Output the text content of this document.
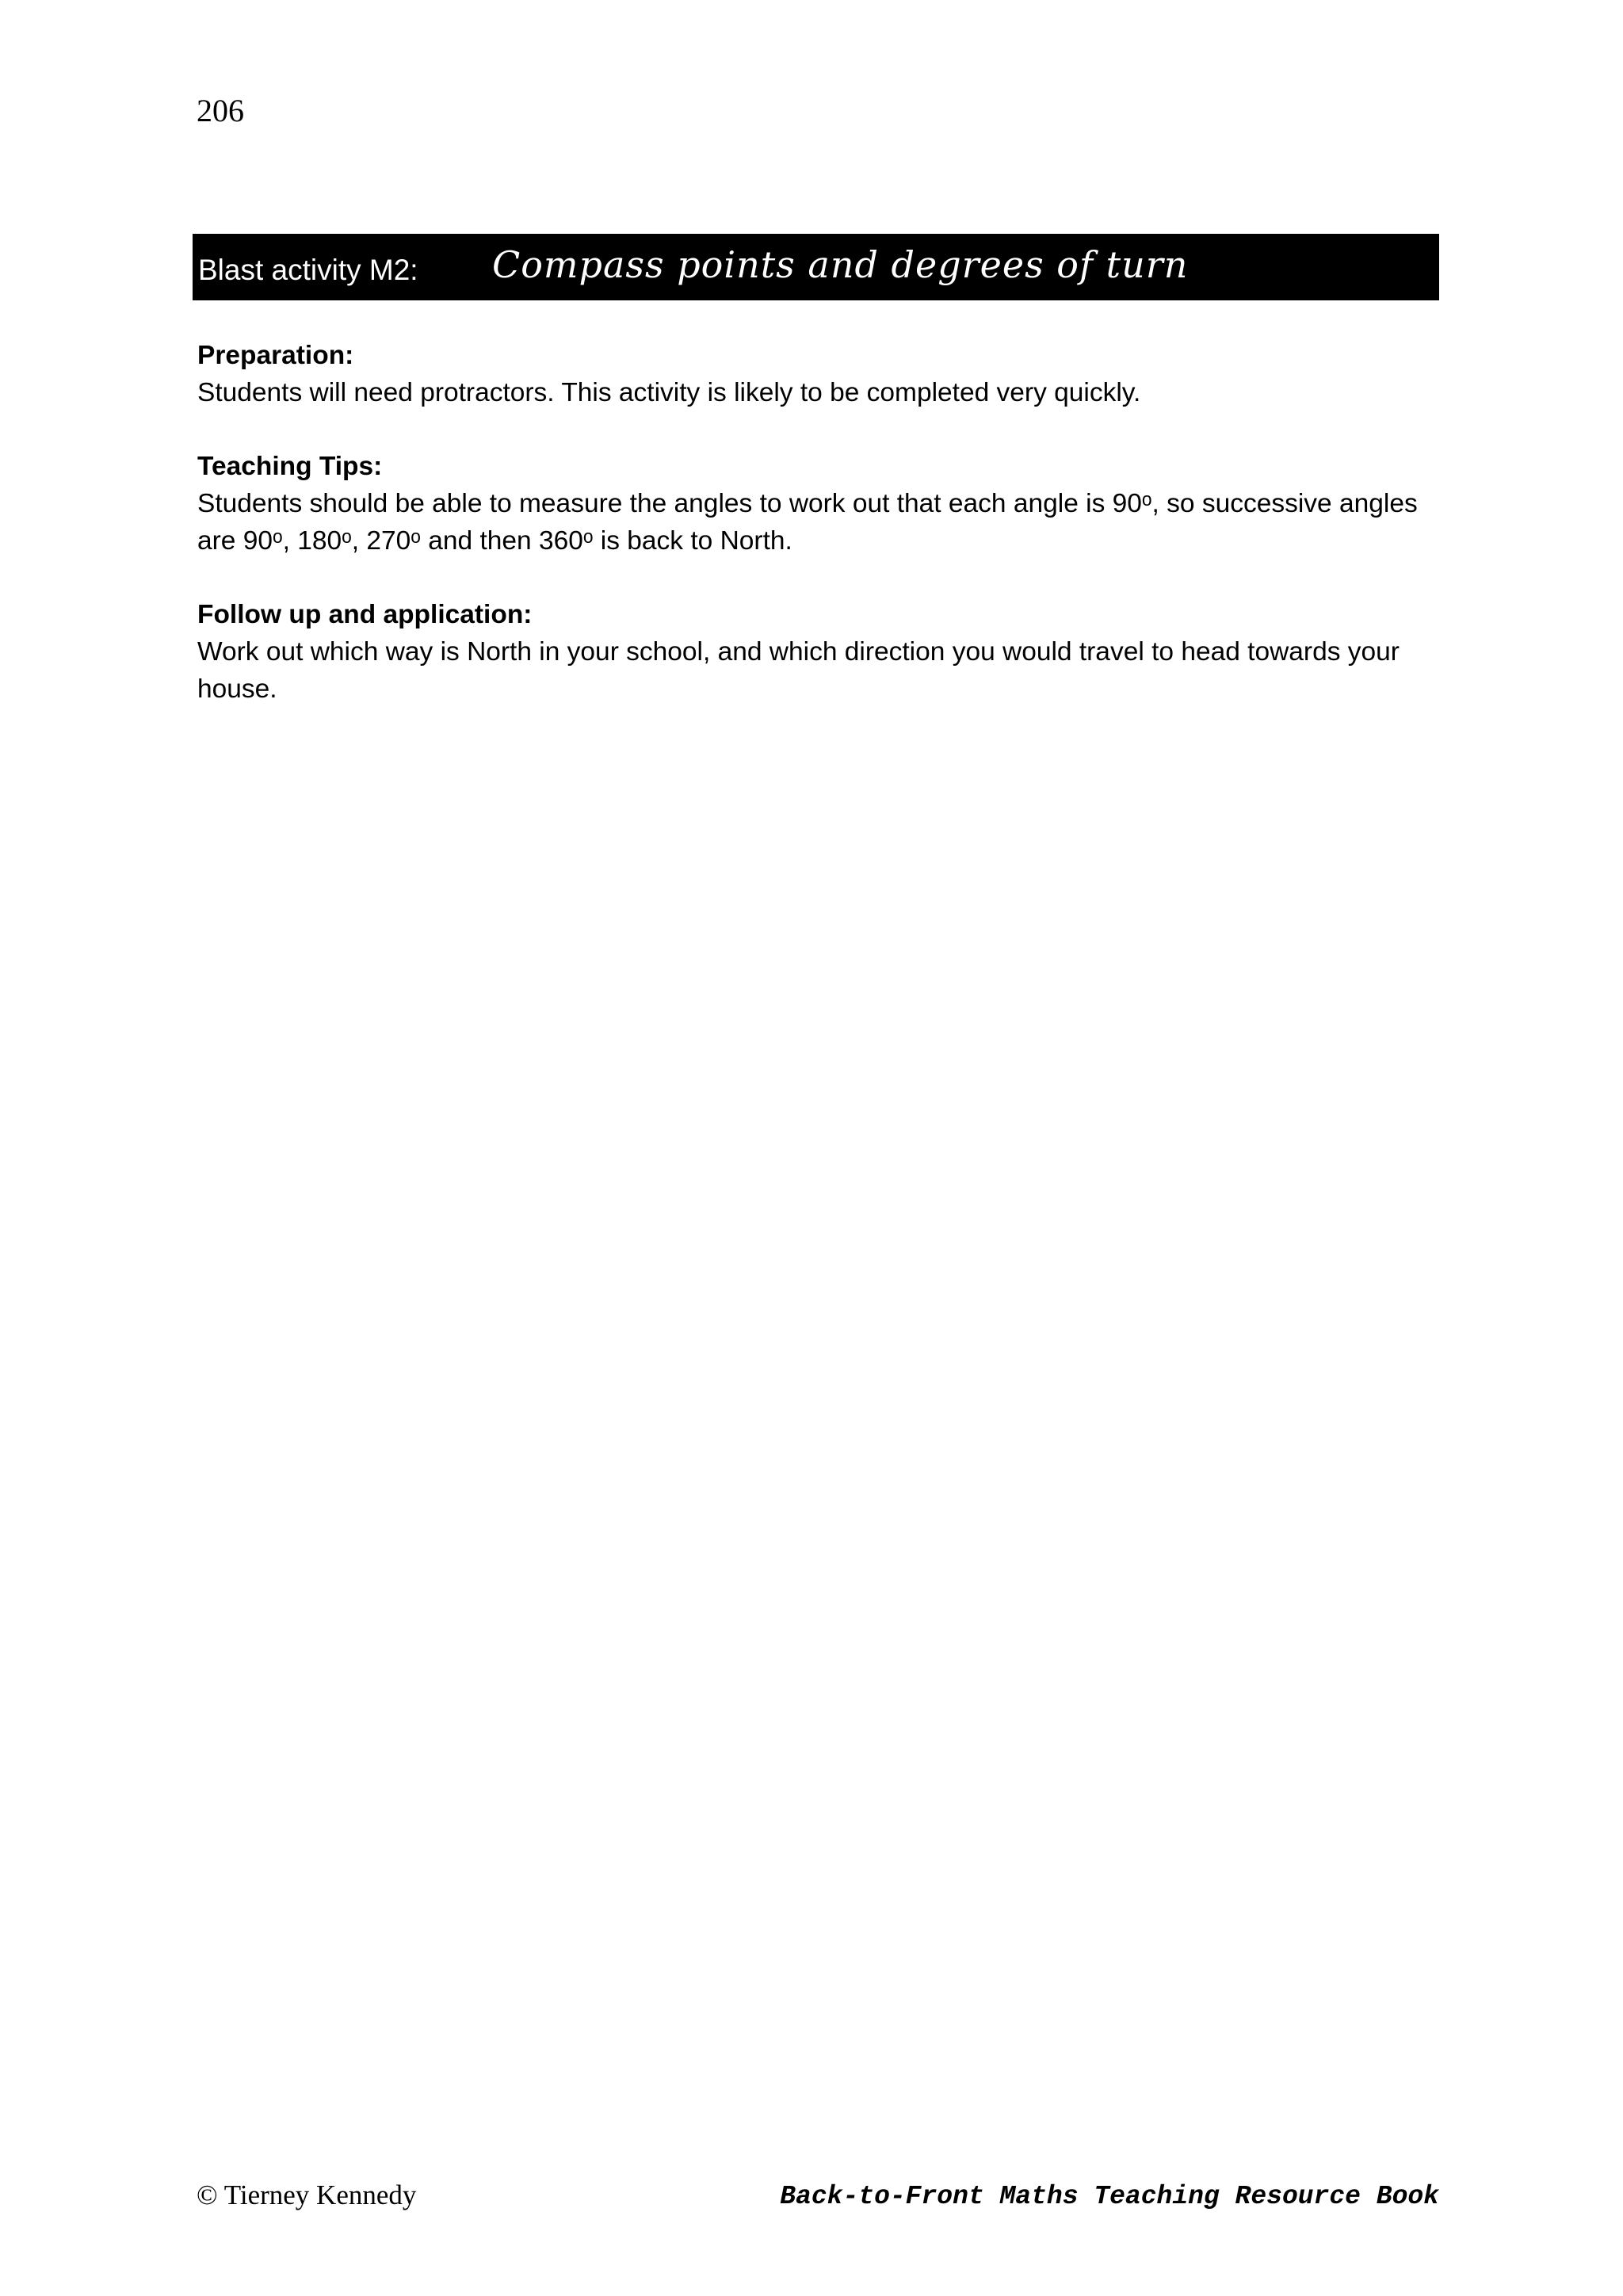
206
Blast activity M2: Compass points and degrees of turn

Preparation:

Students will need protractors. This activity is likely to be completed very quickly.

Teaching Tips:

Students should be able to measure the angles to work out that each angle is 90ᵒ, so successive angles are 90ᵒ, 180ᵒ, 270ᵒ and then 360ᵒ is back to North.

Follow up and application:

Work out which way is North in your school, and which direction you would travel to head towards your house.

© Tierney Kennedy	Back-to-Front Maths Teaching Resource Book
